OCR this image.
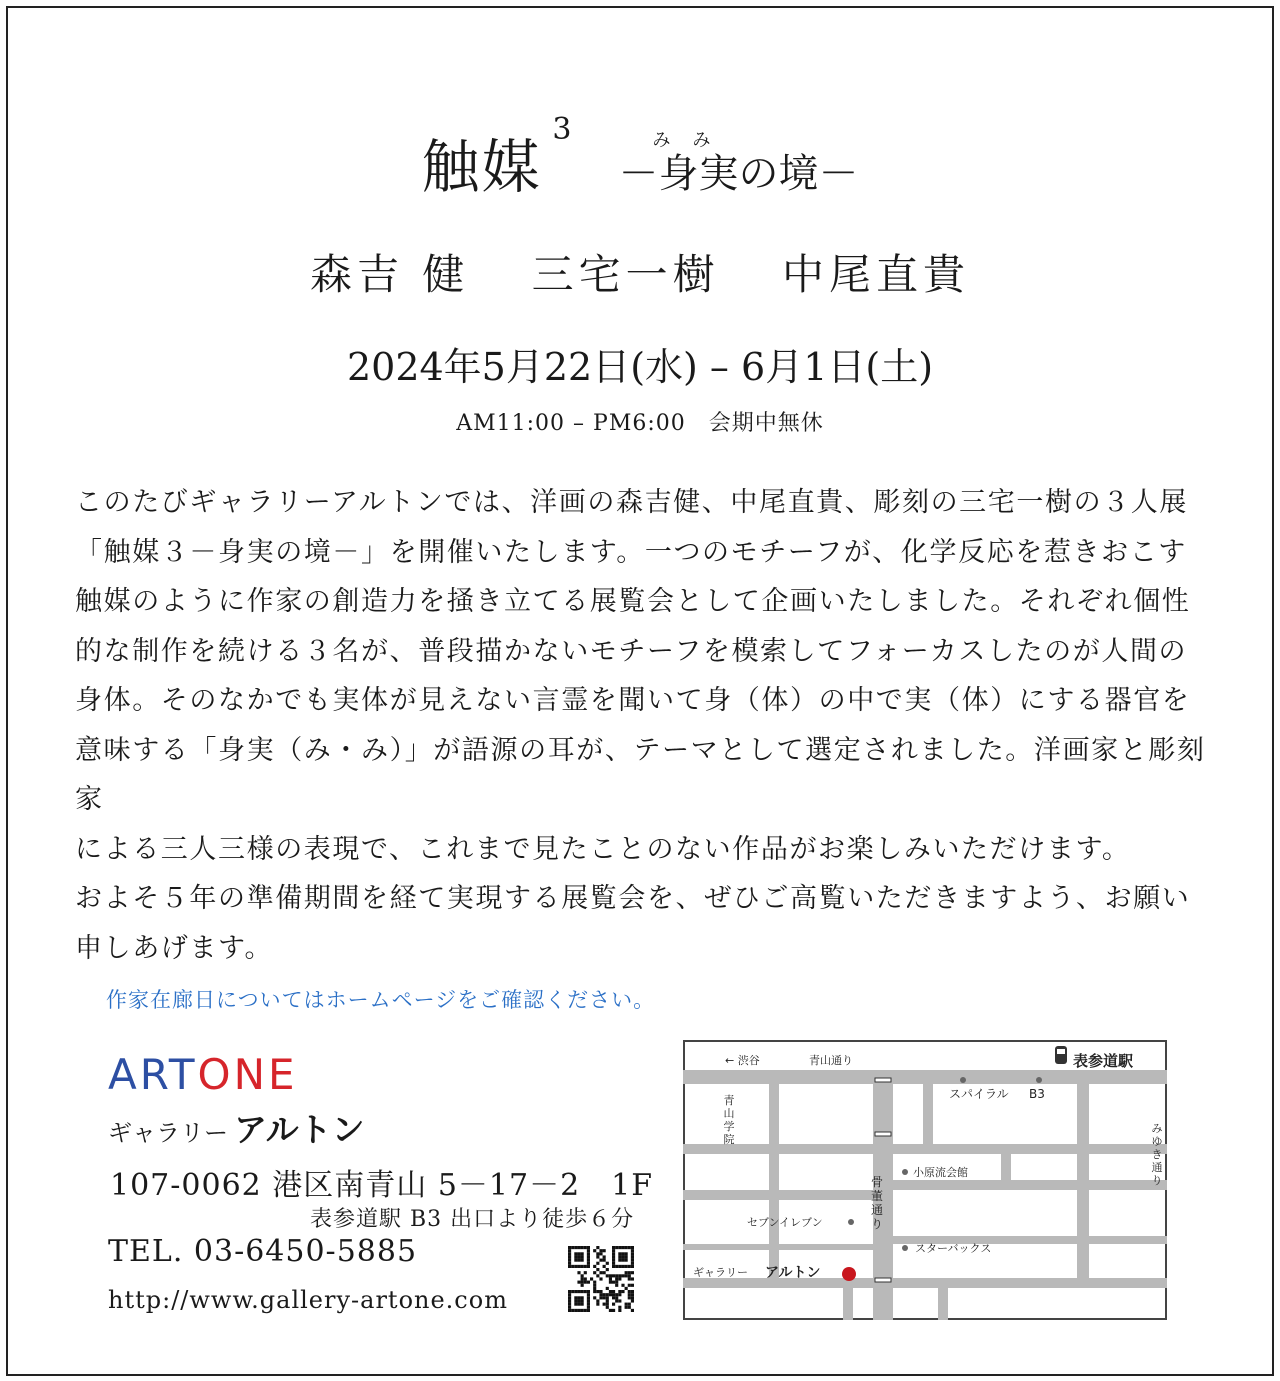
触媒
3
	みみ
－身実の境－
森吉 健 三宅一樹 中尾直貴
2024年5月22日(水) – 6月1日(土)
AM11:00 – PM6:00　会期中無休

このたびギャラリーアルトンでは、洋画の森吉健、中尾直貴、彫刻の三宅一樹の３人展

「触媒３－身実の境－」を開催いたします。一つのモチーフが、化学反応を惹きおこす

触媒のように作家の創造力を掻き立てる展覧会として企画いたしました。それぞれ個性

的な制作を続ける３名が、普段描かないモチーフを模索してフォーカスしたのが人間の

身体。そのなかでも実体が見えない言霊を聞いて身（体）の中で実（体）にする器官を

意味する「身実（み・み）」が語源の耳が、テーマとして選定されました。洋画家と彫刻家

による三人三様の表現で、これまで見たことのない作品がお楽しみいただけます。

およそ５年の準備期間を経て実現する展覧会を、ぜひご高覧いただきますよう、お願い

申しあげます。

作家在廊日についてはホームページをご確認ください。
ARTONE
ギャラリー アルトン
107-0062 港区南青山 5－17－2　1F
表参道駅 B3 出口より徒歩６分
TEL. 03-6450-5885
http://www.gallery-artone.com
← 渋谷	青山通り	表参道駅
スパイラル B3
小原流会館
セブンイレブン
スターバックス
ギャラリー アルトン
青山学院
骨董通り
みゆき通り
